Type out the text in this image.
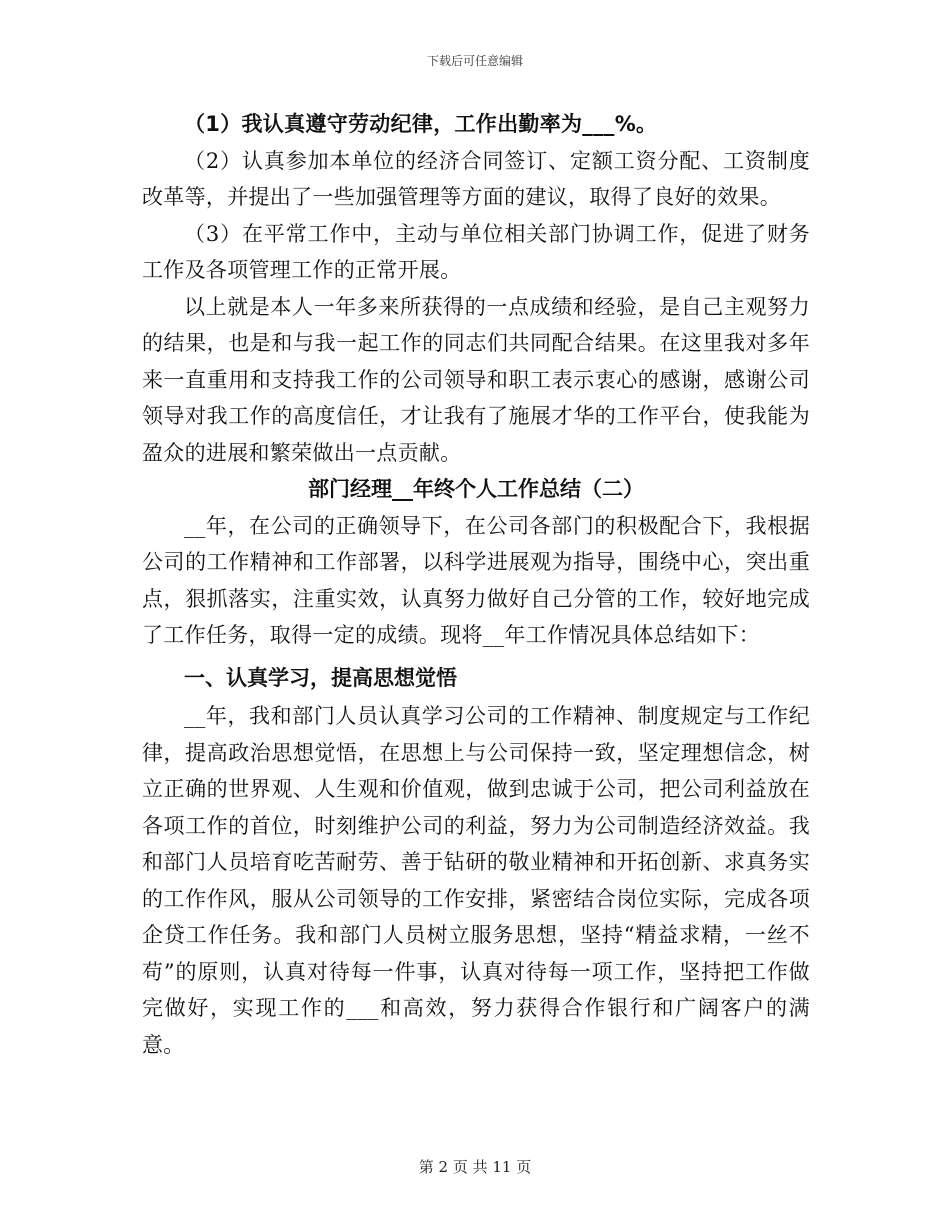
下载后可任意编辑

（1）我认真遵守劳动纪律，工作出勤率为___%。

（2）认真参加本单位的经济合同签订、定额工资分配、工资制度改革等，并提出了一些加强管理等方面的建议，取得了良好的效果。

（3）在平常工作中，主动与单位相关部门协调工作，促进了财务工作及各项管理工作的正常开展。

以上就是本人一年多来所获得的一点成绩和经验，是自己主观努力的结果，也是和与我一起工作的同志们共同配合结果。在这里我对多年来一直重用和支持我工作的公司领导和职工表示衷心的感谢，感谢公司领导对我工作的高度信任，才让我有了施展才华的工作平台，使我能为盈众的进展和繁荣做出一点贡献。

部门经理__年终个人工作总结（二）

__年，在公司的正确领导下，在公司各部门的积极配合下，我根据公司的工作精神和工作部署，以科学进展观为指导，围绕中心，突出重点，狠抓落实，注重实效，认真努力做好自己分管的工作，较好地完成了工作任务，取得一定的成绩。现将__年工作情况具体总结如下：

一、认真学习，提高思想觉悟

__年，我和部门人员认真学习公司的工作精神、制度规定与工作纪律，提高政治思想觉悟，在思想上与公司保持一致，坚定理想信念，树立正确的世界观、人生观和价值观，做到忠诚于公司，把公司利益放在各项工作的首位，时刻维护公司的利益，努力为公司制造经济效益。我和部门人员培育吃苦耐劳、善于钻研的敬业精神和开拓创新、求真务实的工作作风，服从公司领导的工作安排，紧密结合岗位实际，完成各项企贷工作任务。我和部门人员树立服务思想，坚持“精益求精，一丝不苟”的原则，认真对待每一件事，认真对待每一项工作，坚持把工作做完做好，实现工作的___和高效，努力获得合作银行和广阔客户的满意。

第 2 页 共 11 页
